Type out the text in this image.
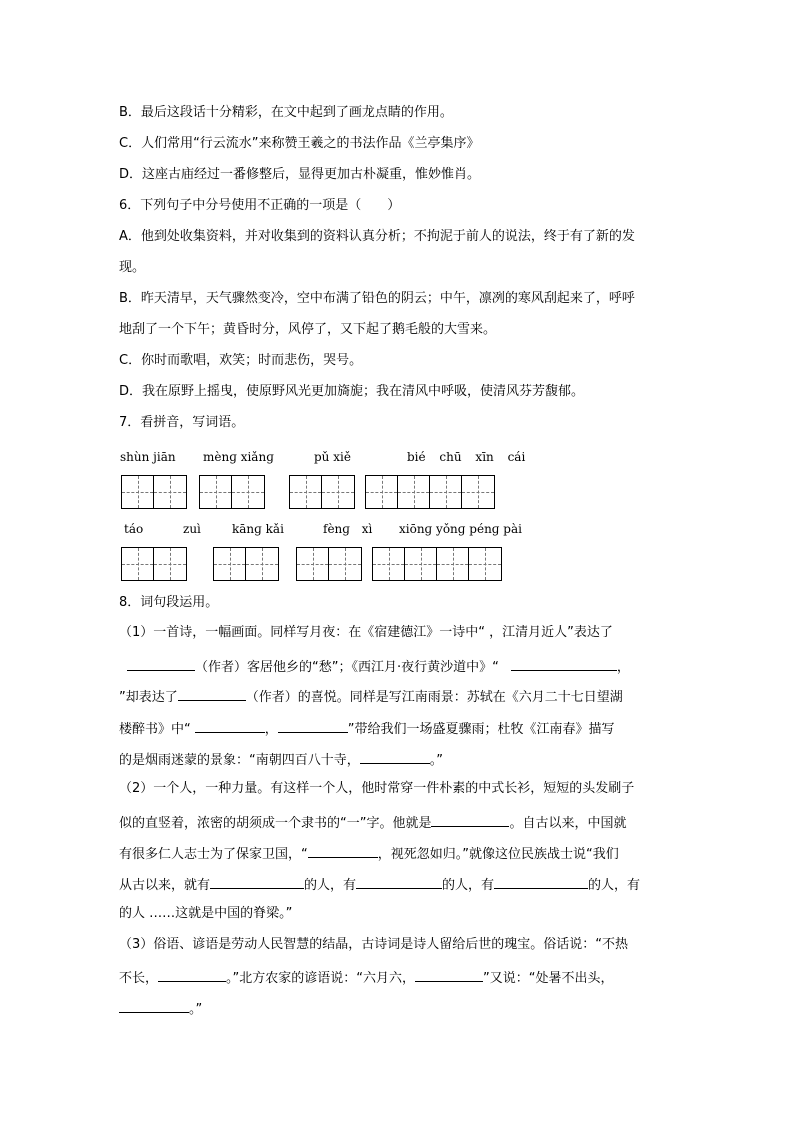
B．最后这段话十分精彩，在文中起到了画龙点睛的作用。
C．人们常用“行云流水”来称赞王羲之的书法作品《兰亭集序》
D．这座古庙经过一番修整后，显得更加古朴凝重，惟妙惟肖。
6．下列句子中分号使用不正确的一项是（　　）
A．他到处收集资料，并对收集到的资料认真分析；不拘泥于前人的说法，终于有了新的发
现。
B．昨天清早，天气骤然变冷，空中布满了铅色的阴云；中午，凛冽的寒风刮起来了，呼呼
地刮了一个下午；黄昏时分，风停了，又下起了鹅毛般的大雪来。
C．你时而歌唱，欢笑；时而悲伤，哭号。
D．我在原野上摇曳，使原野风光更加旖旎；我在清风中呼吸，使清风芬芳馥郁。
7．看拼音，写词语。
shùn jiān mènɡ xiǎnɡ	pǔ xiě	bié chū xīn cái
táo	zuì	kānɡ kǎi	fènɡ xì xiōnɡ yǒnɡ pénɡ pài
8．词句段运用。
（1）一首诗，一幅画面。同样写月夜：在《宿建德江》一诗中“ ，江清月近人”表达了
（作者）客居他乡的“愁”；《西江月·夜行黄沙道中》“	，
”却表达了	（作者）的喜悦。同样是写江南雨景：苏轼在《六月二十七日望湖
楼醉书》中“	，	”带给我们一场盛夏骤雨；杜牧《江南春》描写
的是烟雨迷蒙的景象：“南朝四百八十寺，	。”
（2）一个人，一种力量。有这样一个人，他时常穿一件朴素的中式长衫，短短的头发刷子
似的直竖着，浓密的胡须成一个隶书的“一”字。他就是	。自古以来，中国就
有很多仁人志士为了保家卫国，“	，视死忽如归。”就像这位民族战士说“我们
从古以来，就有	的人，有	的人，有	的人，有
的人 ……这就是中国的脊梁。”
（3）俗语、谚语是劳动人民智慧的结晶，古诗词是诗人留给后世的瑰宝。俗话说：“不热
不长，	。”北方农家的谚语说：“六月六，	”又说：“处暑不出头，
。”
